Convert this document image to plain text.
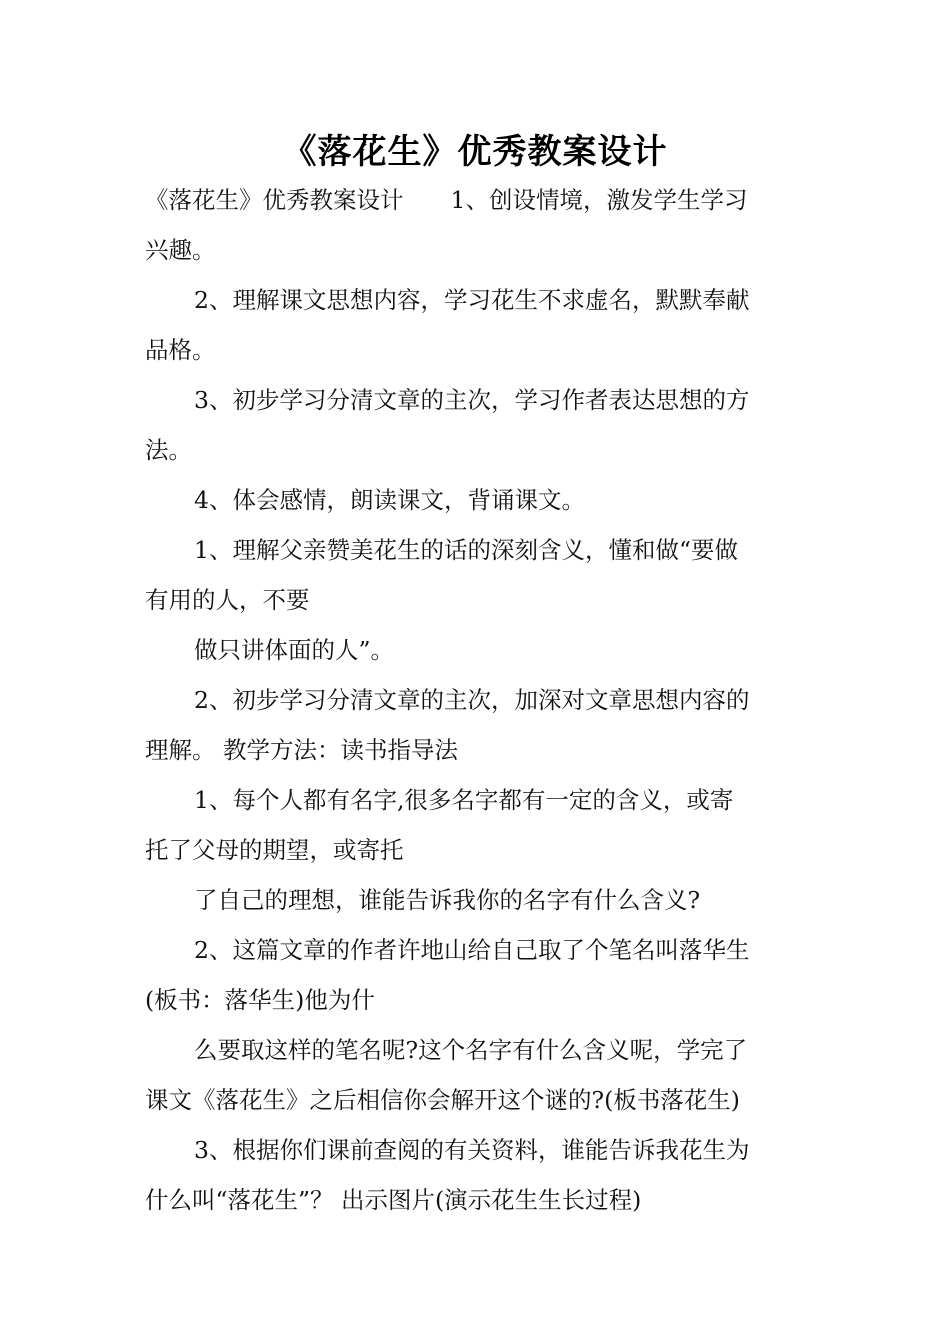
《落花生》优秀教案设计
《落花生》优秀教案设计　　1、创设情境，激发学生学习
兴趣。
2、理解课文思想内容，学习花生不求虚名，默默奉献
品格。
3、初步学习分清文章的主次，学习作者表达思想的方
法。
4、体会感情，朗读课文，背诵课文。
1、理解父亲赞美花生的话的深刻含义，懂和做“要做
有用的人，不要
做只讲体面的人”。
2、初步学习分清文章的主次，加深对文章思想内容的
理解。 教学方法：读书指导法
1、每个人都有名字,很多名字都有一定的含义，或寄
托了父母的期望，或寄托
了自己的理想，谁能告诉我你的名字有什么含义?
2、这篇文章的作者许地山给自己取了个笔名叫落华生
(板书：落华生)他为什
么要取这样的笔名呢?这个名字有什么含义呢，学完了
课文《落花生》之后相信你会解开这个谜的?(板书落花生)
3、根据你们课前查阅的有关资料，谁能告诉我花生为
什么叫“落花生”？ 出示图片(演示花生生长过程)
